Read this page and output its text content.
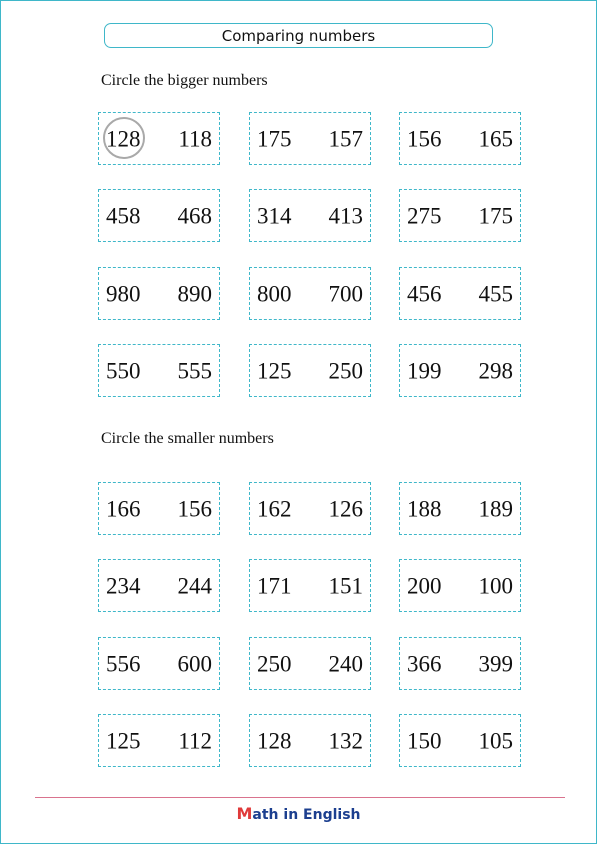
Comparing numbers
Circle the bigger numbers
Circle the smaller numbers
128 118 175 157 156 165
458 468 314 413 275 175
980 890 800 700 456 455
550 555 125 250 199 298
166 156 162 126 188 189
234 244 171 151 200 100
556 600 250 240 366 399
125 112 128 132 150 105
Math in English
